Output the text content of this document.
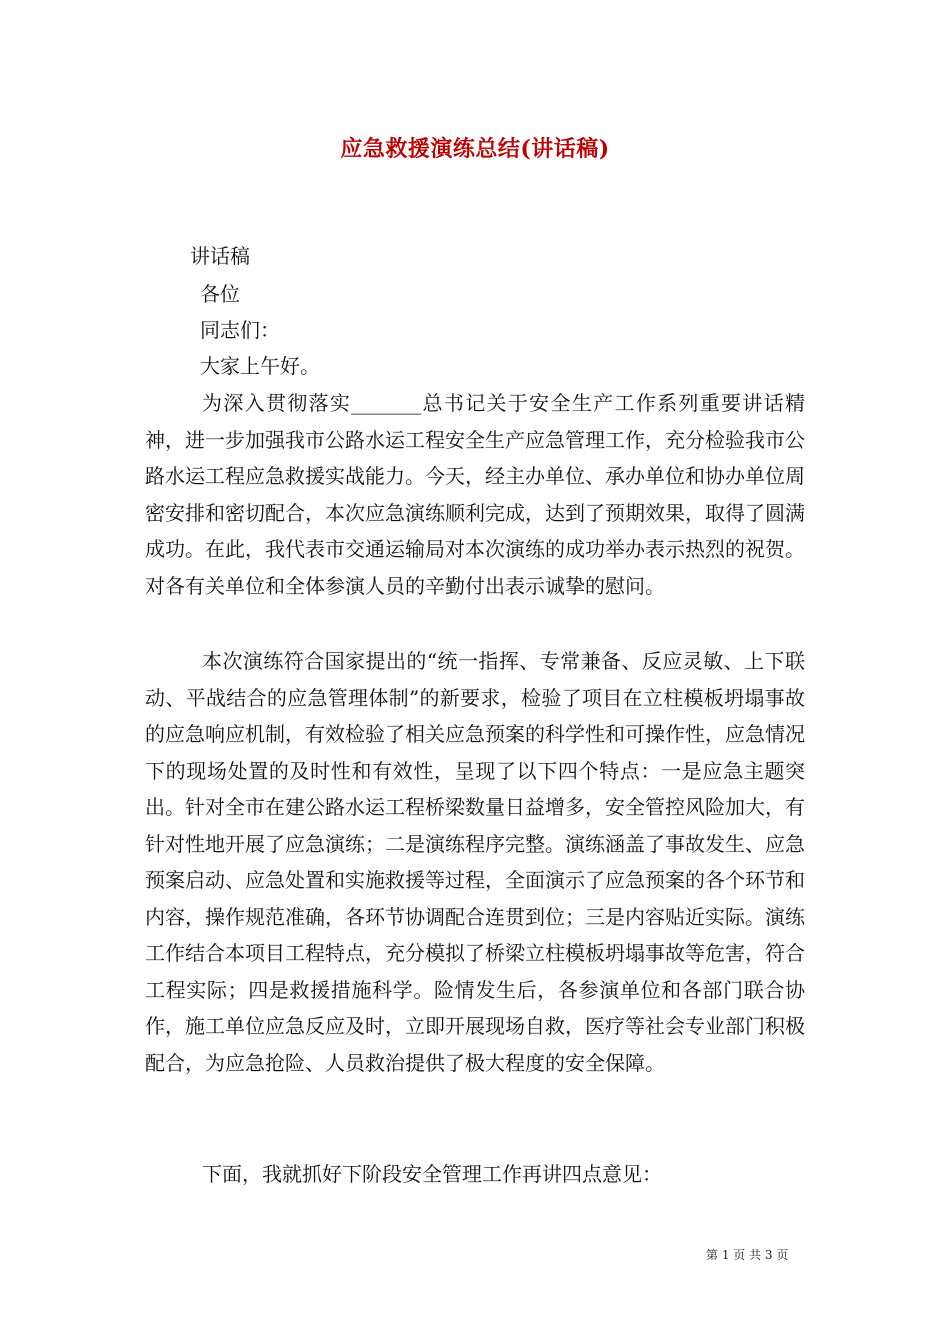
应急救援演练总结(讲话稿)
讲话稿
各位
同志们：
大家上午好。

为深入贯彻落实_______总书记关于安全生产工作系列重要讲话精神，进一步加强我市公路水运工程安全生产应急管理工作，充分检验我市公路水运工程应急救援实战能力。今天，经主办单位、承办单位和协办单位周密安排和密切配合，本次应急演练顺利完成，达到了预期效果，取得了圆满成功。在此，我代表市交通运输局对本次演练的成功举办表示热烈的祝贺。对各有关单位和全体参演人员的辛勤付出表示诚挚的慰问。

本次演练符合国家提出的“统一指挥、专常兼备、反应灵敏、上下联动、平战结合的应急管理体制”的新要求，检验了项目在立柱模板坍塌事故的应急响应机制，有效检验了相关应急预案的科学性和可操作性，应急情况下的现场处置的及时性和有效性，呈现了以下四个特点：一是应急主题突出。针对全市在建公路水运工程桥梁数量日益增多，安全管控风险加大，有针对性地开展了应急演练；二是演练程序完整。演练涵盖了事故发生、应急预案启动、应急处置和实施救援等过程，全面演示了应急预案的各个环节和内容，操作规范准确，各环节协调配合连贯到位；三是内容贴近实际。演练工作结合本项目工程特点，充分模拟了桥梁立柱模板坍塌事故等危害，符合工程实际；四是救援措施科学。险情发生后，各参演单位和各部门联合协作，施工单位应急反应及时，立即开展现场自救，医疗等社会专业部门积极配合，为应急抢险、人员救治提供了极大程度的安全保障。

下面，我就抓好下阶段安全管理工作再讲四点意见：

第 1 页 共 3 页
